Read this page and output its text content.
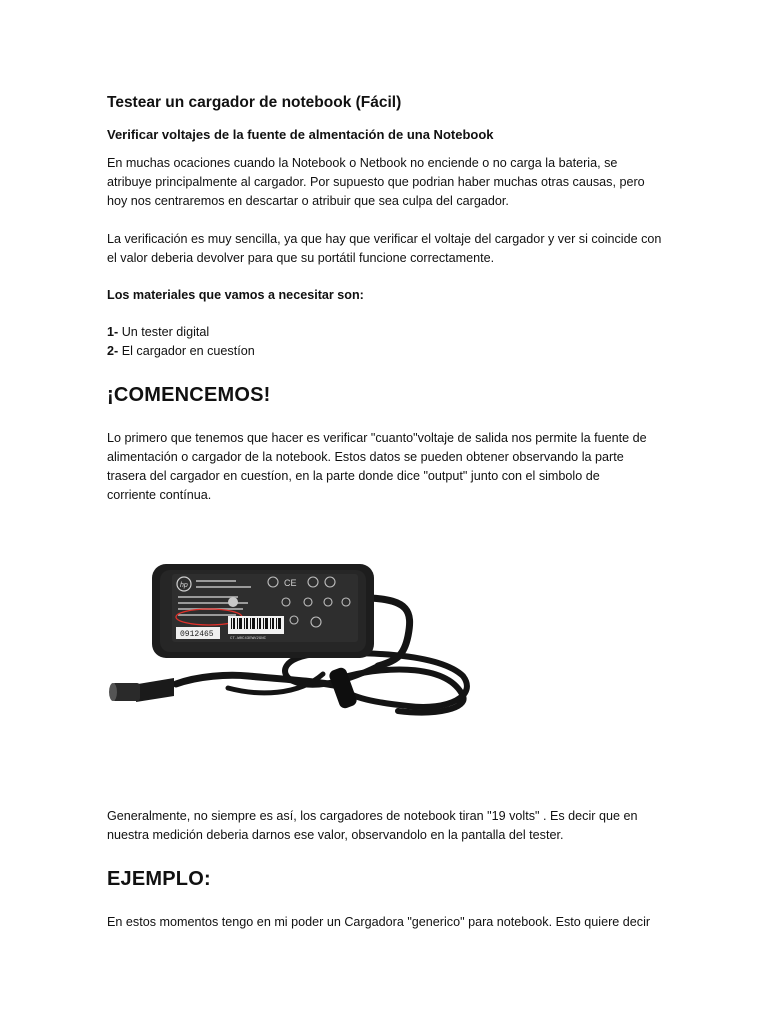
Testear un cargador de notebook (Fácil)
Verificar voltajes de la fuente de almentación de una Notebook
En muchas ocaciones cuando la Notebook o Netbook no enciende o no carga la bateria, se
atribuye principalmente al cargador. Por supuesto que podrian haber muchas otras causas, pero
hoy nos centraremos en descartar o atribuir que sea culpa del cargador.
La verificación es muy sencilla, ya que hay que verificar el voltaje del cargador y ver si coincide con
el valor deberia devolver para que su portátil funcione correctamente.
Los materiales que vamos a necesitar son:
1- Un tester digital
2- El cargador en cuestíon
¡COMENCEMOS!
Lo primero que tenemos que hacer es verificar "cuanto"voltaje de salida nos permite la fuente de
alimentación o cargador de la notebook. Estos datos se pueden obtener observando la parte
trasera del cargador en cuestíon, en la parte donde dice "output" junto con el simbolo de
corriente contínua.
hp	CE
0912465	CT-W0C43EWV2GNC
Generalmente, no siempre es así, los cargadores de notebook tiran "19 volts" . Es decir que en
nuestra medición deberia darnos ese valor, observandolo en la pantalla del tester.
EJEMPLO:
En estos momentos tengo en mi poder un Cargadora "generico" para notebook. Esto quiere decir
